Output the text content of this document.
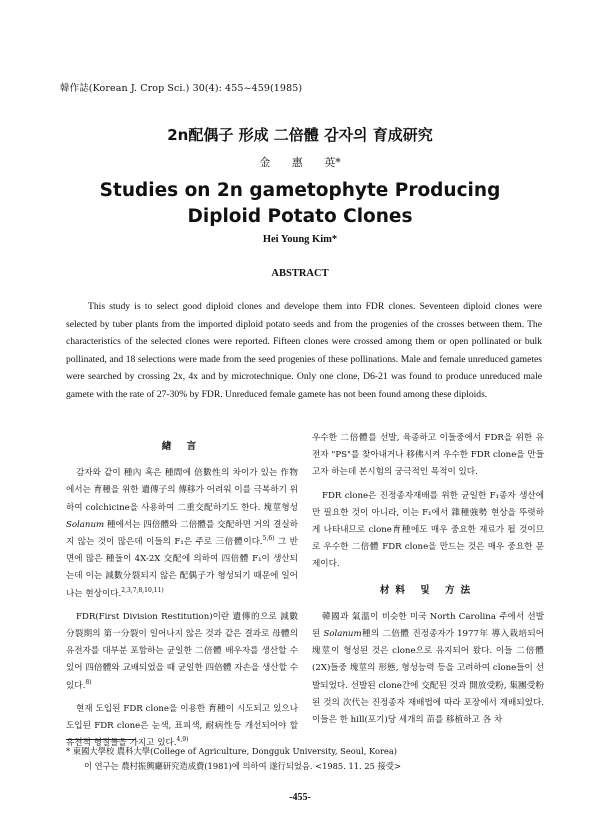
韓作誌(Korean J. Crop Sci.) 30(4): 455~459(1985)
2n配偶子 形成 二倍體 감자의 育成研究
金 惠 英*
Studies on 2n gametophyte Producing
Diploid Potato Clones
Hei Young Kim*
ABSTRACT

This study is to select good diploid clones and develope them into FDR clones. Seventeen diploid clones were selected by tuber plants from the imported diploid potato seeds and from the progenies of the crosses between them. The characteristics of the selected clones were reported. Fifteen clones were crossed among them or open pollinated or bulk pollinated, and 18 selections were made from the seed progenies of these pollinations. Male and female unreduced gametes were searched by crossing 2x, 4x and by microtechnique. Only one clone, D6-21 was found to produce unreduced male gamete with the rate of 27-30% by FDR. Unreduced female gamete has not been found among these diploids.

緖 言

감자와 같이 種內 혹은 種間에 倍數性의 차이가 있는 作物에서는 育種을 위한 遺傳子의 傳移가 어려워 이를 극복하기 위하여 colchicine을 사용하여 二重交配하기도 한다. 塊莖형성 Solanum 種에서는 四倍體와 二倍體를 交配하면 거의 결실하지 않는 것이 많은데 이들의 F₁은 주로 三倍體이다.$^{5,6)}$ 그 반면에 많은 種들이 4X-2X 交配에 의하여 四倍體 F₁이 생산되는데 이는 減數分裂되지 않은 配偶子가 형성되기 때문에 일어나는 현상이다.$^{2,3,7,8,10,11)}$

FDR(First Division Restitution)이란 遺傳的으로 減數分裂期의 第一分裂이 일어나지 않은 것과 같은 결과로 母體의 유전자를 대부분 포함하는 균일한 二倍體 배우자를 생산할 수 있어 四倍體와 교배되었을 때 균일한 四倍體 자손을 생산할 수 있다.$^{8)}$

현재 도입된 FDR clone을 이용한 育種이 시도되고 있으나 도입된 FDR clone은 눈색, 표피색, 耐病性등 개선되어야 할 유전적 형질들을 가지고 있다.$^{4,9)}$

우수한 二倍體를 선발, 육종하고 이들중에서 FDR을 위한 유전자 "PS"를 찾아내거나 移佛시켜 우수한 FDR clone을 만들고자 하는데 본시험의 궁극적인 목적이 있다.

FDR clone은 진정종자재배를 위한 균일한 F₁종자 생산에만 필요한 것이 아니라, 이는 F₁에서 雜種強勢 현상을 뚜렷하게 나타내므로 clone育種에도 매우 중요한 재료가 될 것이므로 우수한 二倍體 FDR clone을 만드는 것은 매우 중요한 문제이다.

材料 및 方法

韓國과 氣溫이 비슷한 미국 North Carolina 주에서 선발된 Solanum種의 二倍體 진정종자가 1977年 導入栽培되어 塊莖이 형성된 것은 clone으로 유지되어 왔다. 이들 二倍體(2X)들중 塊莖의 形態, 형성능력 등을 고려하여 clone들이 선발되었다. 선발된 clone간에 交配된 것과 開放受粉, 集團受粉된 것의 次代는 진정종자 재배법에 따라 포장에서 재배되었다. 이들은 한 hill(포기)당 세개의 苗를 移植하고 各 차

* 東國大學校 農科大學(College of Agriculture, Dongguk University, Seoul, Korea)
이 연구는 農村振興廳研究造成費(1981)에 의하여 遂行되었음. <1985. 11. 25 接受>
-455-
